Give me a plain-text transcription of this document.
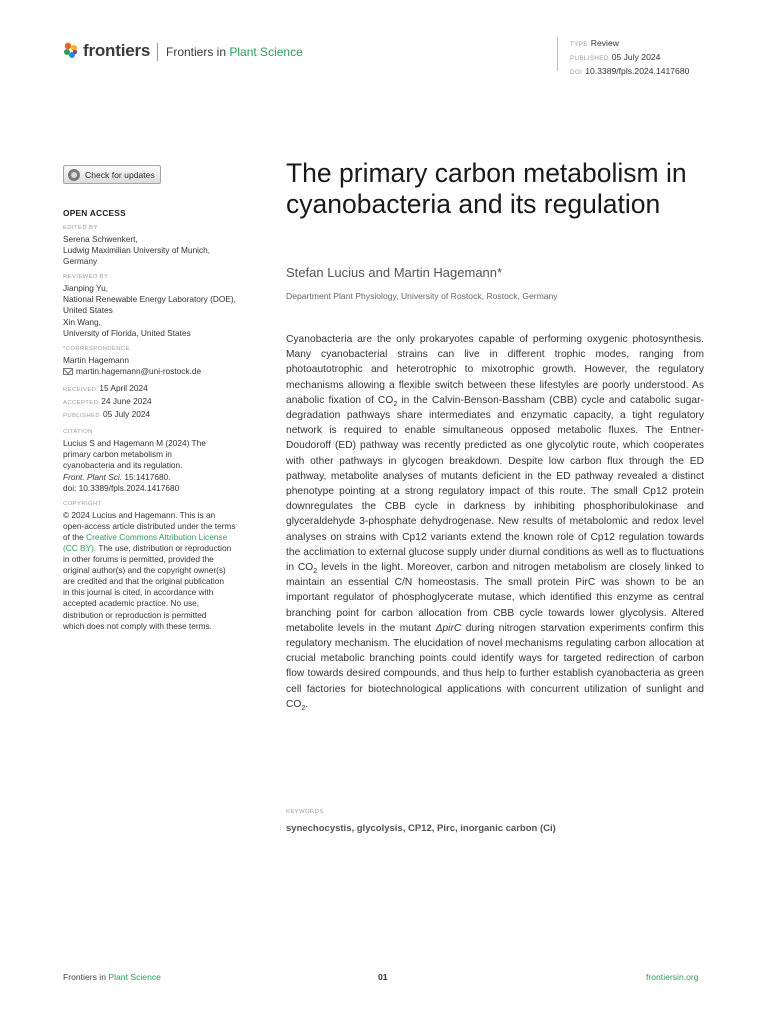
frontiers Frontiers in Plant Science
TYPE Review
PUBLISHED 05 July 2024
DOI 10.3389/fpls.2024.1417680
Check for updates
OPEN ACCESS
EDITED BY
Serena Schwenkert,
Ludwig Maximilian University of Munich,
Germany
REVIEWED BY
Jianping Yu,
National Renewable Energy Laboratory (DOE),
United States
Xin Wang,
University of Florida, United States
*CORRESPONDENCE
Martin Hagemann
martin.hagemann@uni-rostock.de
RECEIVED 15 April 2024
ACCEPTED 24 June 2024
PUBLISHED 05 July 2024
CITATION
Lucius S and Hagemann M (2024) The
primary carbon metabolism in
cyanobacteria and its regulation.
Front. Plant Sci. 15:1417680.
doi: 10.3389/fpls.2024.1417680
COPYRIGHT
© 2024 Lucius and Hagemann. This is an
open-access article distributed under the terms
of the Creative Commons Attribution License
(CC BY). The use, distribution or reproduction
in other forums is permitted, provided the
original author(s) and the copyright owner(s)
are credited and that the original publication
in this journal is cited, in accordance with
accepted academic practice. No use,
distribution or reproduction is permitted
which does not comply with these terms.
The primary carbon metabolism in cyanobacteria and its regulation
Stefan Lucius and Martin Hagemann*
Department Plant Physiology, University of Rostock, Rostock, Germany

Cyanobacteria are the only prokaryotes capable of performing oxygenic photosynthesis. Many cyanobacterial strains can live in different trophic modes, ranging from photoautotrophic and heterotrophic to mixotrophic growth. However, the regulatory mechanisms allowing a flexible switch between these lifestyles are poorly understood. As anabolic fixation of $CO_2$ in the Calvin-Benson-Bassham (CBB) cycle and catabolic sugar-degradation pathways share intermediates and enzymatic capacity, a tight regulatory network is required to enable simultaneous opposed metabolic fluxes. The Entner-Doudoroff (ED) pathway was recently predicted as one glycolytic route, which cooperates with other pathways in glycogen breakdown. Despite low carbon flux through the ED pathway, metabolite analyses of mutants deficient in the ED pathway revealed a distinct phenotype pointing at a strong regulatory impact of this route. The small Cp12 protein downregulates the CBB cycle in darkness by inhibiting phosphoribulokinase and glyceraldehyde 3-phosphate dehydrogenase. New results of metabolomic and redox level analyses on strains with Cp12 variants extend the known role of Cp12 regulation towards the acclimation to external glucose supply under diurnal conditions as well as to fluctuations in $CO_2$ levels in the light. Moreover, carbon and nitrogen metabolism are closely linked to maintain an essential C/N homeostasis. The small protein PirC was shown to be an important regulator of phosphoglycerate mutase, which identified this enzyme as central branching point for carbon allocation from CBB cycle towards lower glycolysis. Altered metabolite levels in the mutant ΔpirC during nitrogen starvation experiments confirm this regulatory mechanism. The elucidation of novel mechanisms regulating carbon allocation at crucial metabolic branching points could identify ways for targeted redirection of carbon flow towards desired compounds, and thus help to further establish cyanobacteria as green cell factories for biotechnological applications with concurrent utilization of sunlight and $CO_2$.

KEYWORDS
synechocystis, glycolysis, CP12, Pirc, inorganic carbon (Ci)
Frontiers in Plant Science	01	frontiersin.org
